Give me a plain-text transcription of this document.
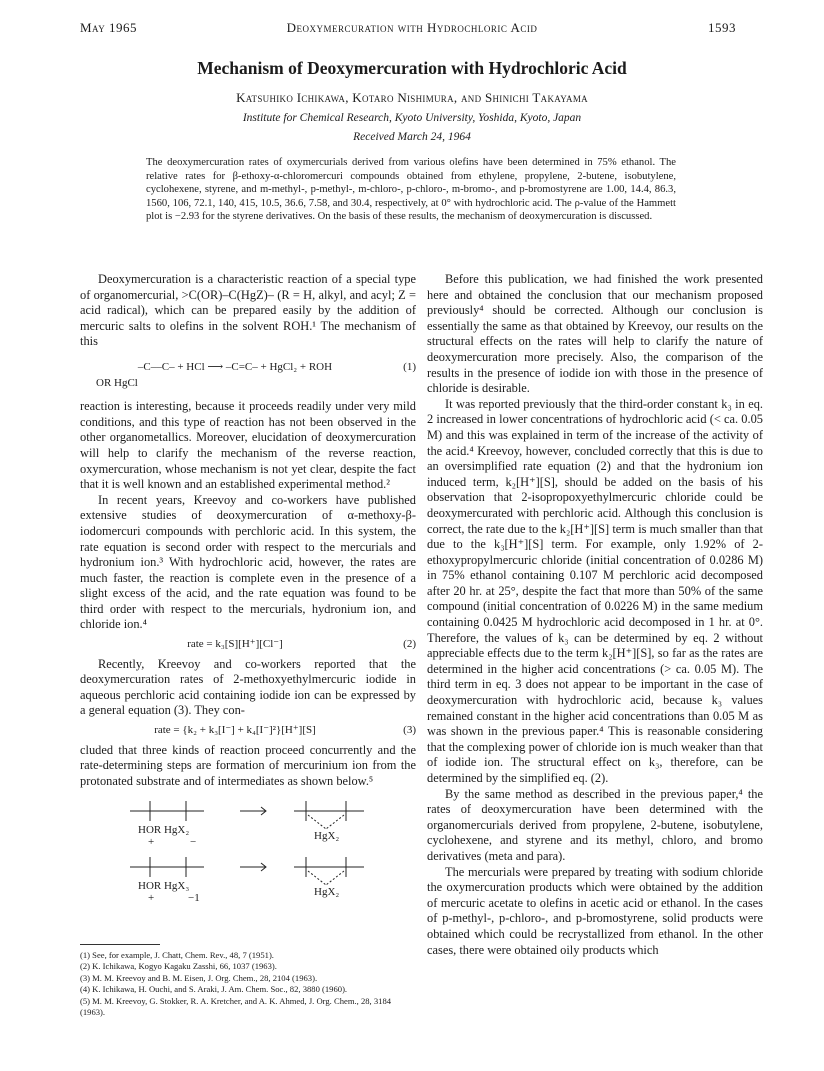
May 1965	Deoxymercuration with Hydrochloric Acid	1593
Mechanism of Deoxymercuration with Hydrochloric Acid
Katsuhiko Ichikawa, Kotaro Nishimura, and Shinichi Takayama
Institute for Chemical Research, Kyoto University, Yoshida, Kyoto, Japan
Received March 24, 1964
The deoxymercuration rates of oxymercurials derived from various olefins have been determined in 75% ethanol. The relative rates for β-ethoxy-α-chloromercuri compounds obtained from ethylene, propylene, 2-butene, isobutylene, cyclohexene, styrene, and m-methyl-, p-methyl-, m-chloro-, p-chloro-, m-bromo-, and p-bromostyrene are 1.00, 14.4, 86.3, 1560, 106, 72.1, 140, 415, 10.5, 36.6, 7.58, and 30.4, respectively, at 0° with hydrochloric acid. The ρ-value of the Hammett plot is −2.93 for the styrene derivatives. On the basis of these results, the mechanism of deoxymercuration is discussed.

Deoxymercuration is a characteristic reaction of a special type of organomercurial, >C(OR)–C(HgZ)– (R = H, alkyl, and acyl; Z = acid radical), which can be prepared easily by the addition of mercuric salts to olefins in the solvent ROH.¹ The mechanism of this

–C––C– + HCl ⟶ –C=C– + HgCl₂ + ROH	(1)
OR HgCl

reaction is interesting, because it proceeds readily under very mild conditions, and this type of reaction has not been observed in the other organometallics. Moreover, elucidation of deoxymercuration will help to clarify the mechanism of the reverse reaction, oxymercuration, whose mechanism is not yet clear, despite the fact that it is well known and an established experimental method.²

In recent years, Kreevoy and co-workers have published extensive studies of deoxymercuration of α-methoxy-β-iodomercuri compounds with perchloric acid. In this system, the rate equation is second order with respect to the mercurials and hydronium ion.³ With hydrochloric acid, however, the rates are much faster, the reaction is complete even in the presence of a slight excess of the acid, and the rate equation was found to be third order with respect to the mercurials, hydronium ion, and chloride ion.⁴

rate = k₃[S][H⁺][Cl⁻]	(2)

Recently, Kreevoy and co-workers reported that the deoxymercuration rates of 2-methoxyethylmercuric iodide in aqueous perchloric acid containing iodide ion can be expressed by a general equation (3). They con-

rate = {k₂ + k₃[I⁻] + k₄[I⁻]²}[H⁺][S]	(3)

cluded that three kinds of reaction proceed concurrently and the rate-determining steps are formation of mercurinium ion from the protonated substrate and of intermediates as shown below.⁵

HOR HgX₂
+	−	HgX₂
HOR HgX₃
+	−1	HgX₂
(1) See, for example, J. Chatt, Chem. Rev., 48, 7 (1951).
(2) K. Ichikawa, Kogyo Kagaku Zasshi, 66, 1037 (1963).
(3) M. M. Kreevoy and B. M. Eisen, J. Org. Chem., 28, 2104 (1963).
(4) K. Ichikawa, H. Ouchi, and S. Araki, J. Am. Chem. Soc., 82, 3880 (1960).
(5) M. M. Kreevoy, G. Stokker, R. A. Kretcher, and A. K. Ahmed, J. Org. Chem., 28, 3184 (1963).

Before this publication, we had finished the work presented here and obtained the conclusion that our mechanism proposed previously⁴ should be corrected. Although our conclusion is essentially the same as that obtained by Kreevoy, our results on the structural effects on the rates will help to clarify the nature of deoxymercuration more precisely. Also, the comparison of the results in the presence of iodide ion with those in the presence of chloride is desirable.

It was reported previously that the third-order constant k₃ in eq. 2 increased in lower concentrations of hydrochloric acid (< ca. 0.05 M) and this was explained in term of the increase of the activity of the acid.⁴ Kreevoy, however, concluded correctly that this is due to an oversimplified rate equation (2) and that the hydronium ion induced term, k₂[H⁺][S], should be added on the basis of his observation that 2-isopropoxyethylmercuric chloride could be deoxymercurated with perchloric acid. Although this conclusion is correct, the rate due to the k₂[H⁺][S] term is much smaller than that due to the k₃[H⁺][S] term. For example, only 1.92% of 2-ethoxypropylmercuric chloride (initial concentration of 0.0286 M) in 75% ethanol containing 0.107 M perchloric acid decomposed after 20 hr. at 25°, despite the fact that more than 50% of the same compound (initial concentration of 0.0226 M) in the same medium containing 0.0425 M hydrochloric acid decomposed in 1 hr. at 0°. Therefore, the values of k₃ can be determined by eq. 2 without appreciable effects due to the term k₂[H⁺][S], so far as the rates are determined in the higher acid concentrations (> ca. 0.05 M). The third term in eq. 3 does not appear to be important in the case of deoxymercuration with hydrochloric acid, because k₃ values remained constant in the higher acid concentrations than 0.05 M as was shown in the previous paper.⁴ This is reasonable considering that the complexing power of chloride ion is much weaker than that of iodide ion. The structural effect on k₃, therefore, can be determined by the simplified eq. (2).

By the same method as described in the previous paper,⁴ the rates of deoxymercuration have been determined with the organomercurials derived from propylene, 2-butene, isobutylene, cyclohexene, and styrene and its methyl, chloro, and bromo derivatives (meta and para).

The mercurials were prepared by treating with sodium chloride the oxymercuration products which were obtained by the addition of mercuric acetate to olefins in acetic acid or ethanol. In the cases of p-methyl-, p-chloro-, and p-bromostyrene, solid products were obtained which could be recrystallized from ethanol. In the other cases, there were obtained oily products which
